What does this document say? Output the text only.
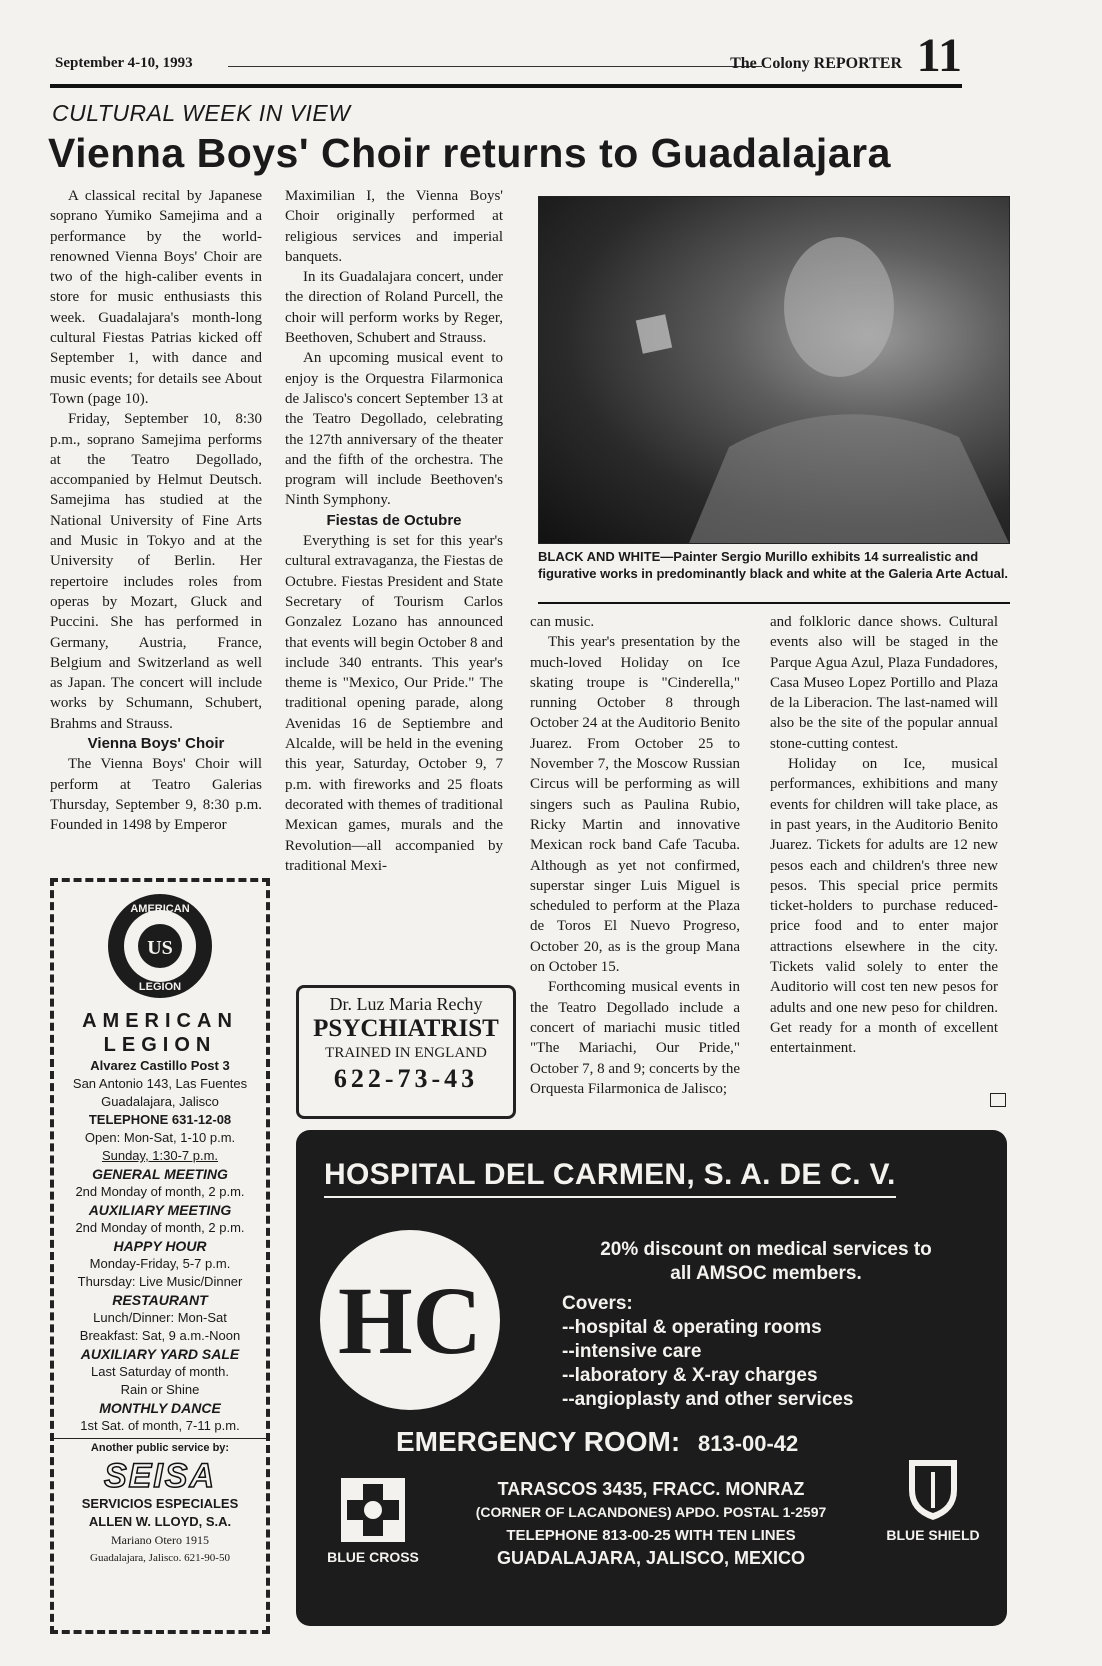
September 4-10, 1993	The Colony REPORTER 11
CULTURAL WEEK IN VIEW
Vienna Boys' Choir returns to Guadalajara

A classical recital by Japanese soprano Yumiko Samejima and a performance by the world-renowned Vienna Boys' Choir are two of the high-caliber events in store for music enthusiasts this week. Guadalajara's month-long cultural Fiestas Patrias kicked off September 1, with dance and music events; for details see About Town (page 10).

Friday, September 10, 8:30 p.m., soprano Samejima performs at the Teatro Degollado, accompanied by Helmut Deutsch. Samejima has studied at the National University of Fine Arts and Music in Tokyo and at the University of Berlin. Her repertoire includes roles from operas by Mozart, Gluck and Puccini. She has performed in Germany, Austria, France, Belgium and Switzerland as well as Japan. The concert will include works by Schumann, Schubert, Brahms and Strauss.

Vienna Boys' Choir

The Vienna Boys' Choir will perform at Teatro Galerias Thursday, September 9, 8:30 p.m. Founded in 1498 by Emperor

Maximilian I, the Vienna Boys' Choir originally performed at religious services and imperial banquets.

In its Guadalajara concert, under the direction of Roland Purcell, the choir will perform works by Reger, Beethoven, Schubert and Strauss.

An upcoming musical event to enjoy is the Orquestra Filarmonica de Jalisco's concert September 13 at the Teatro Degollado, celebrating the 127th anniversary of the theater and the fifth of the orchestra. The program will include Beethoven's Ninth Symphony.

Fiestas de Octubre

Everything is set for this year's cultural extravaganza, the Fiestas de Octubre. Fiestas President and State Secretary of Tourism Carlos Gonzalez Lozano has announced that events will begin October 8 and include 340 entrants. This year's theme is "Mexico, Our Pride." The traditional opening parade, along Avenidas 16 de Septiembre and Alcalde, will be held in the evening this year, Saturday, October 9, 7 p.m. with fireworks and 25 floats decorated with themes of traditional Mexican games, murals and the Revolution—all accompanied by traditional Mexi-

BLACK AND WHITE—Painter Sergio Murillo exhibits 14 surrealistic and figurative works in predominantly black and white at the Galeria Arte Actual.

can music.

This year's presentation by the much-loved Holiday on Ice skating troupe is "Cinderella," running October 8 through October 24 at the Auditorio Benito Juarez. From October 25 to November 7, the Moscow Russian Circus will be performing as will singers such as Paulina Rubio, Ricky Martin and innovative Mexican rock band Cafe Tacuba. Although as yet not confirmed, superstar singer Luis Miguel is scheduled to perform at the Plaza de Toros El Nuevo Progreso, October 20, as is the group Mana on October 15.

Forthcoming musical events in the Teatro Degollado include a concert of mariachi music titled "The Mariachi, Our Pride," October 7, 8 and 9; concerts by the Orquesta Filarmonica de Jalisco;

and folkloric dance shows. Cultural events also will be staged in the Parque Agua Azul, Plaza Fundadores, Casa Museo Lopez Portillo and Plaza de la Liberacion. The last-named will also be the site of the popular annual stone-cutting contest.

Holiday on Ice, musical performances, exhibitions and many events for children will take place, as in past years, in the Auditorio Benito Juarez. Tickets for adults are 12 new pesos each and children's three new pesos. This special price permits ticket-holders to purchase reduced-price food and to enter major attractions elsewhere in the city. Tickets valid solely to enter the Auditorio will cost ten new pesos for adults and one new peso for children. Get ready for a month of excellent entertainment.

US
AMERICAN
LEGION
AMERICAN
LEGION
Alvarez Castillo Post 3
San Antonio 143, Las Fuentes
Guadalajara, Jalisco
TELEPHONE 631-12-08
Open: Mon-Sat, 1-10 p.m.
Sunday, 1:30-7 p.m.
GENERAL MEETING
2nd Monday of month, 2 p.m.
AUXILIARY MEETING
2nd Monday of month, 2 p.m.
HAPPY HOUR
Monday-Friday, 5-7 p.m.
Thursday: Live Music/Dinner
RESTAURANT
Lunch/Dinner: Mon-Sat
Breakfast: Sat, 9 a.m.-Noon
AUXILIARY YARD SALE
Last Saturday of month.
Rain or Shine
MONTHLY DANCE
1st Sat. of month, 7-11 p.m.
Another public service by:
SEISA
SERVICIOS ESPECIALES
ALLEN W. LLOYD, S.A.
Mariano Otero 1915
Guadalajara, Jalisco. 621-90-50
Dr. Luz Maria Rechy
PSYCHIATRIST
TRAINED IN ENGLAND
622-73-43
HOSPITAL DEL CARMEN, S. A. DE C. V.
HC
20% discount on medical services to
all AMSOC members.
Covers:
--hospital & operating rooms
--intensive care
--laboratory & X-ray charges
--angioplasty and other services
EMERGENCY ROOM: 813-00-42
TARASCOS 3435, FRACC. MONRAZ
(CORNER OF LACANDONES) APDO. POSTAL 1-2597
TELEPHONE 813-00-25 WITH TEN LINES
GUADALAJARA, JALISCO, MEXICO
BLUE CROSS
BLUE SHIELD
